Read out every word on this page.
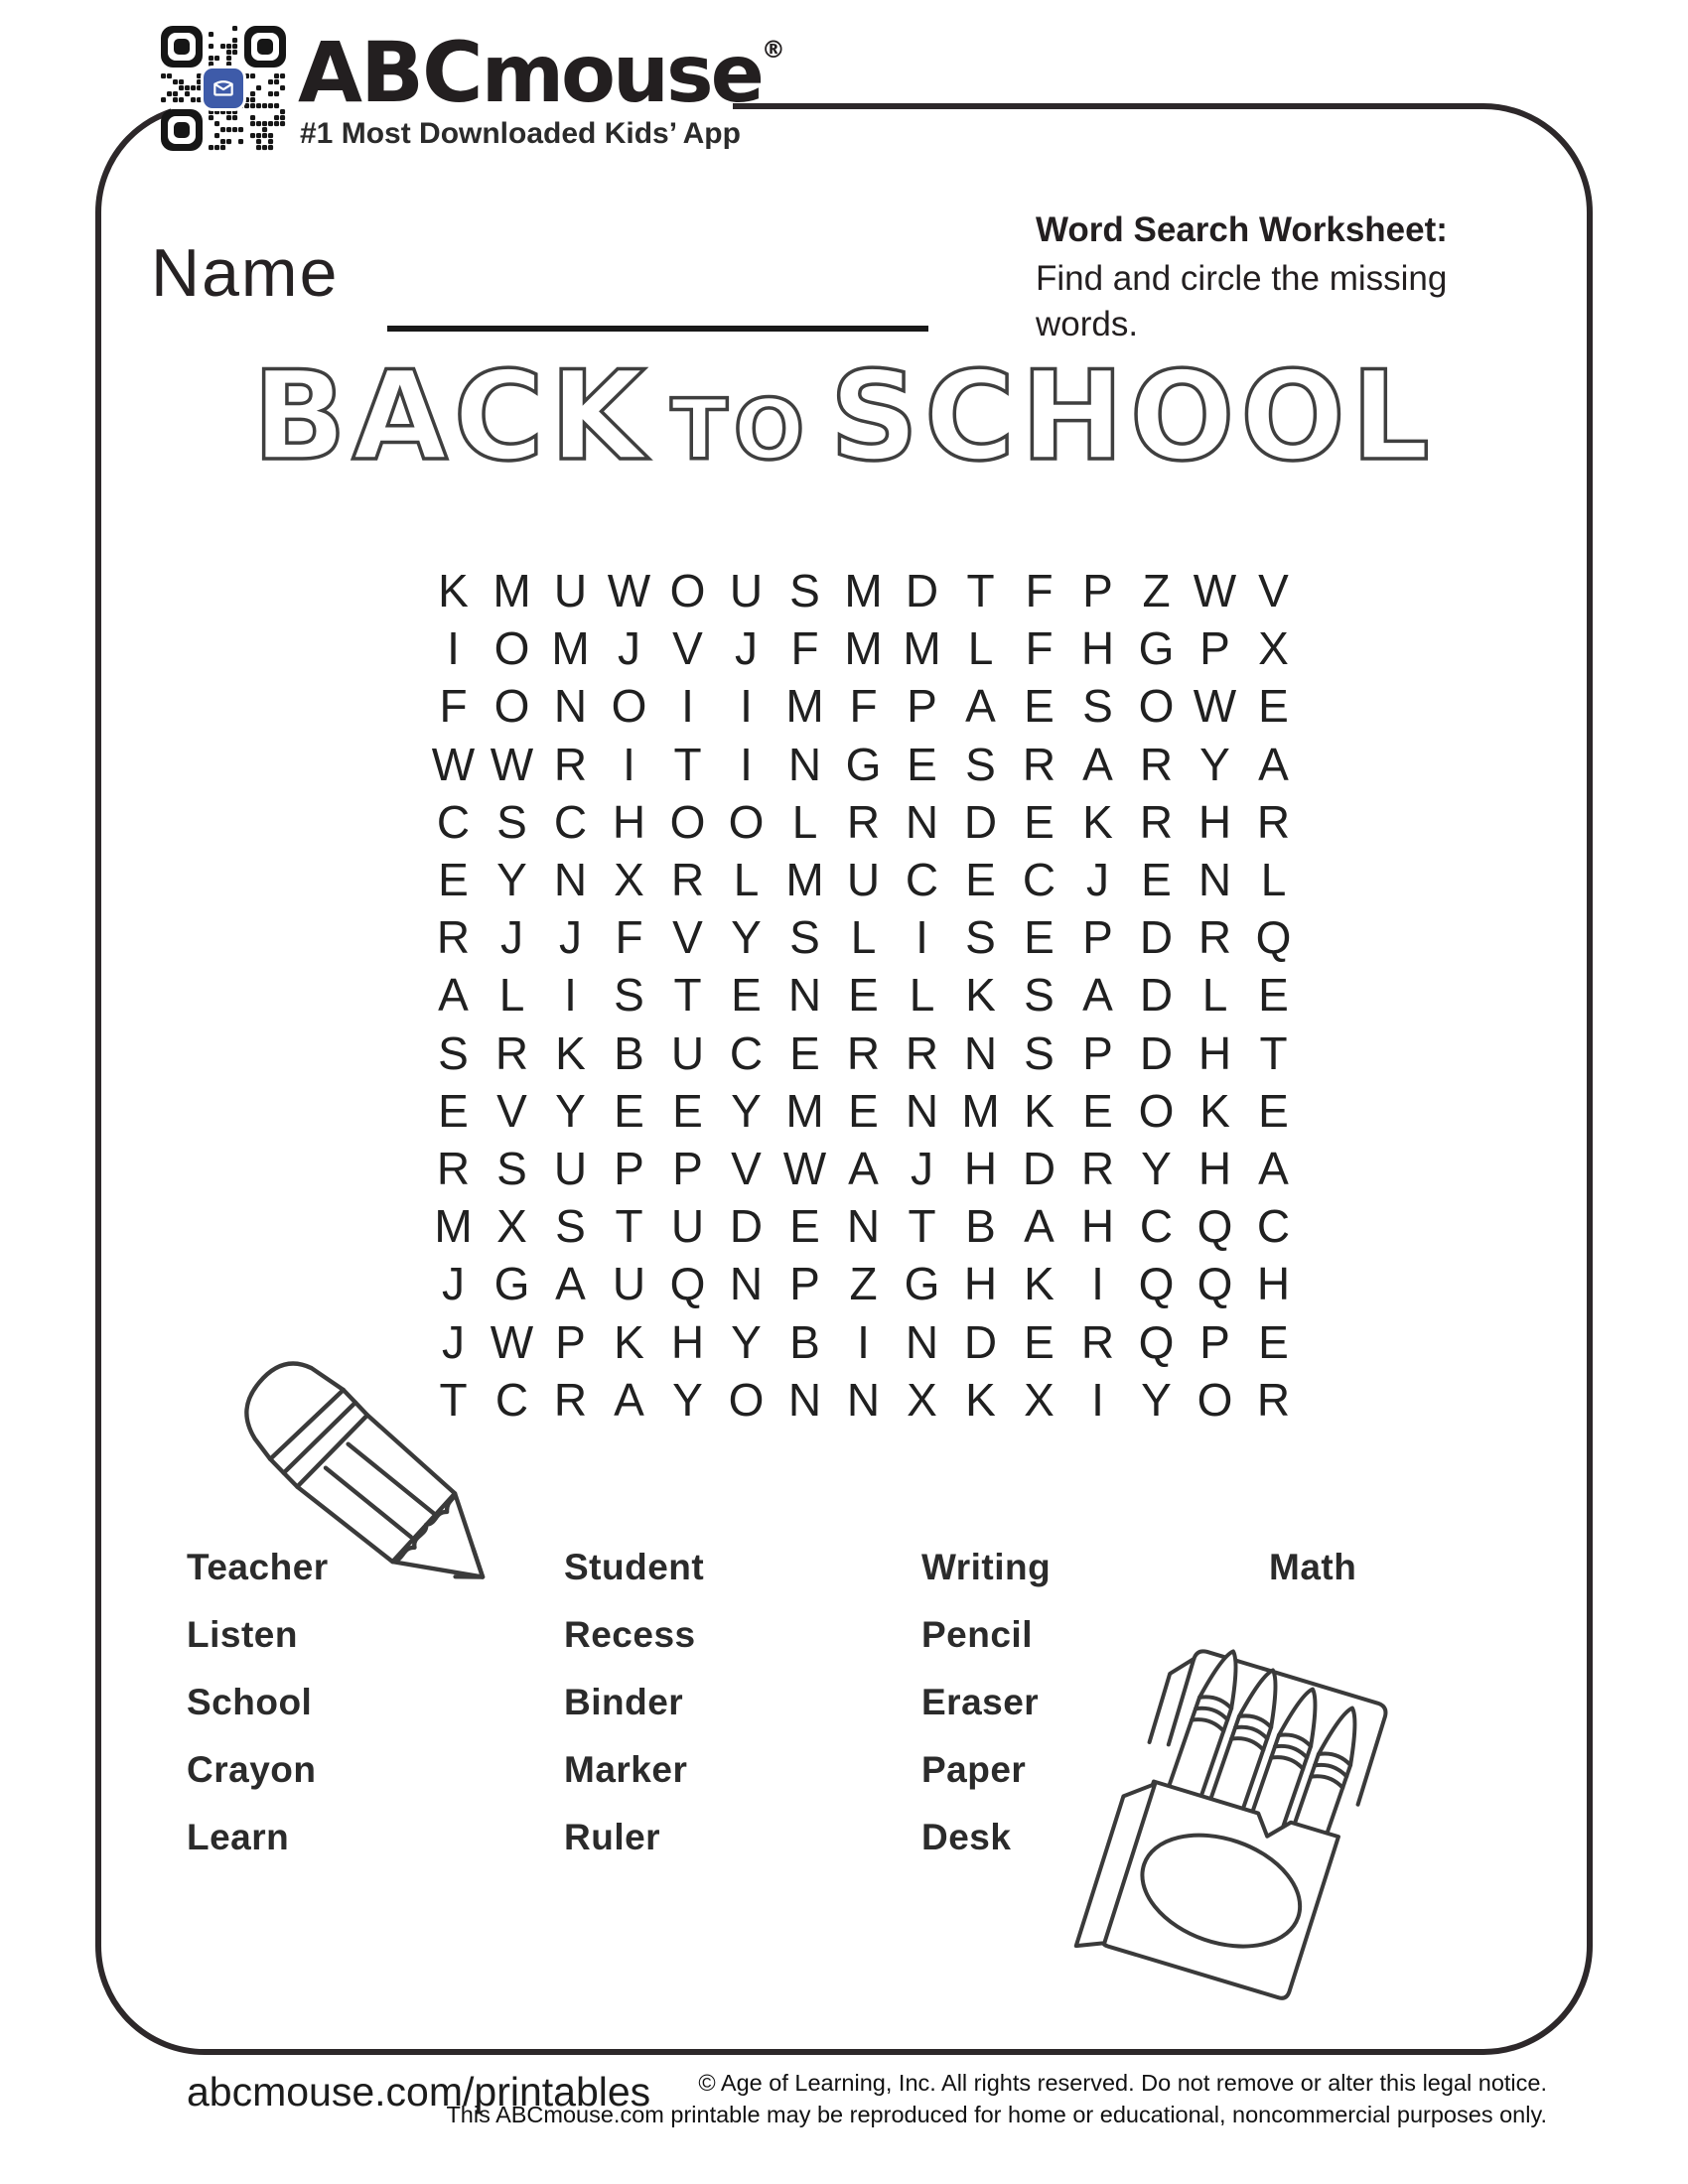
ABCmouse®
#1 Most Downloaded Kids’ App
Name
Word Search Worksheet:
Find and circle the missing
words.
BACK TO SCHOOL
K M U W O U S M D T F P Z W V
I O M J V J F M M L F H G P X
F O N O I I M F P A E S O W E
W W R I T I N G E S R A R Y A
C S C H O O L R N D E K R H R
E Y N X R L M U C E C J E N L
R J J F V Y S L I S E P D R Q
A L I S T E N E L K S A D L E
S R K B U C E R R N S P D H T
E V Y E E Y M E N M K E O K E
R S U P P V W A J H D R Y H A
M X S T U D E N T B A H C Q C
J G A U Q N P Z G H K I Q Q H
J W P K H Y B I N D E R Q P E
T C R A Y O N N X K X I Y O R
Teacher
Listen
School
Crayon
Learn
Student
Recess
Binder
Marker
Ruler
Writing
Pencil
Eraser
Paper
Desk
Math
abcmouse.com/printables	© Age of Learning, Inc. All rights reserved. Do not remove or alter this legal notice.
This ABCmouse.com printable may be reproduced for home or educational, noncommercial purposes only.
